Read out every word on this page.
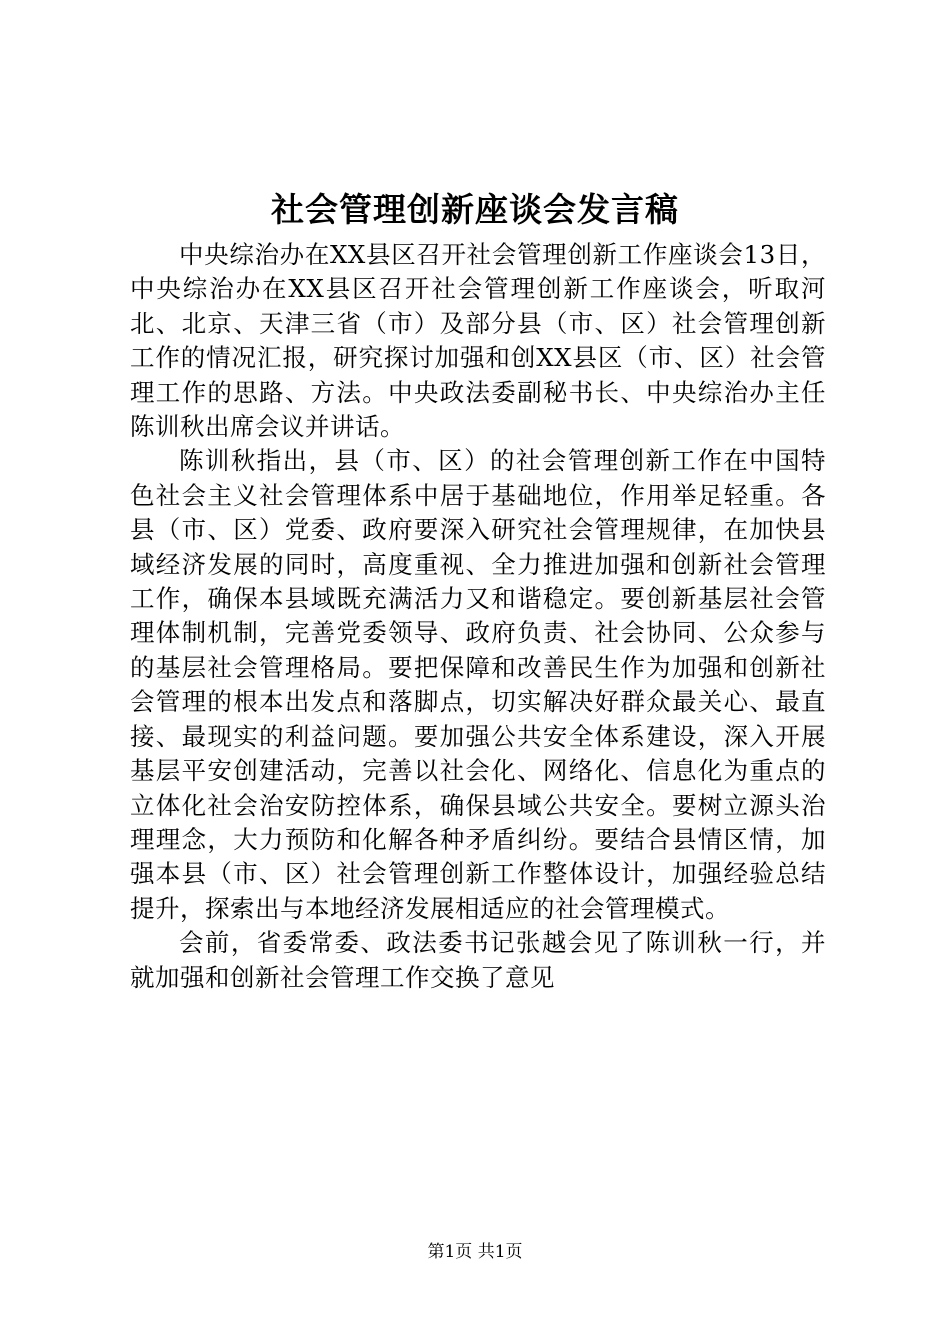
社会管理创新座谈会发言稿

中央综治办在XX县区召开社会管理创新工作座谈会13日，中央综治办在XX县区召开社会管理创新工作座谈会，听取河北、北京、天津三省（市）及部分县（市、区）社会管理创新工作的情况汇报，研究探讨加强和创XX县区（市、区）社会管理工作的思路、方法。中央政法委副秘书长、中央综治办主任陈训秋出席会议并讲话。

陈训秋指出，县（市、区）的社会管理创新工作在中国特色社会主义社会管理体系中居于基础地位，作用举足轻重。各县（市、区）党委、政府要深入研究社会管理规律，在加快县域经济发展的同时，高度重视、全力推进加强和创新社会管理工作，确保本县域既充满活力又和谐稳定。要创新基层社会管理体制机制，完善党委领导、政府负责、社会协同、公众参与的基层社会管理格局。要把保障和改善民生作为加强和创新社会管理的根本出发点和落脚点，切实解决好群众最关心、最直接、最现实的利益问题。要加强公共安全体系建设，深入开展基层平安创建活动，完善以社会化、网络化、信息化为重点的立体化社会治安防控体系，确保县域公共安全。要树立源头治理理念，大力预防和化解各种矛盾纠纷。要结合县情区情，加强本县（市、区）社会管理创新工作整体设计，加强经验总结提升，探索出与本地经济发展相适应的社会管理模式。

会前，省委常委、政法委书记张越会见了陈训秋一行，并就加强和创新社会管理工作交换了意见

第1页 共1页
